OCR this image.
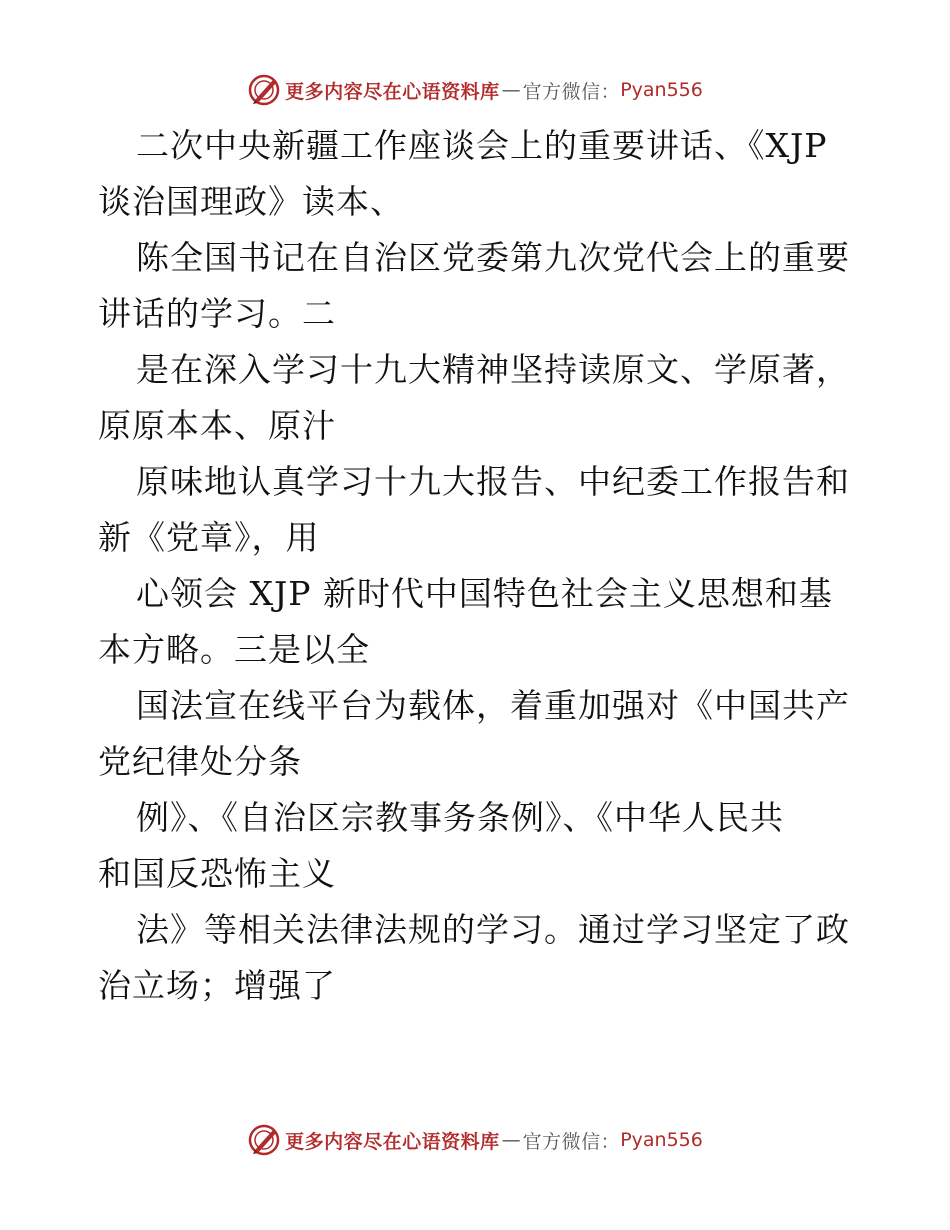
更多内容尽在心语资料库 — 官方微信： Pyan556
二次中央新疆工作座谈会上的重要讲话、《XJP
谈治国理政》读本、
陈全国书记在自治区党委第九次党代会上的重要
讲话的学习。二
是在深入学习十九大精神坚持读原文、学原著，
原原本本、原汁
原味地认真学习十九大报告、中纪委工作报告和
新《党章》，用
心领会 XJP 新时代中国特色社会主义思想和基
本方略。三是以全
国法宣在线平台为载体，着重加强对《中国共产
党纪律处分条
例》、《自治区宗教事务条例》、《中华人民共
和国反恐怖主义
法》等相关法律法规的学习。通过学习坚定了政
治立场；增强了
更多内容尽在心语资料库 — 官方微信： Pyan556
